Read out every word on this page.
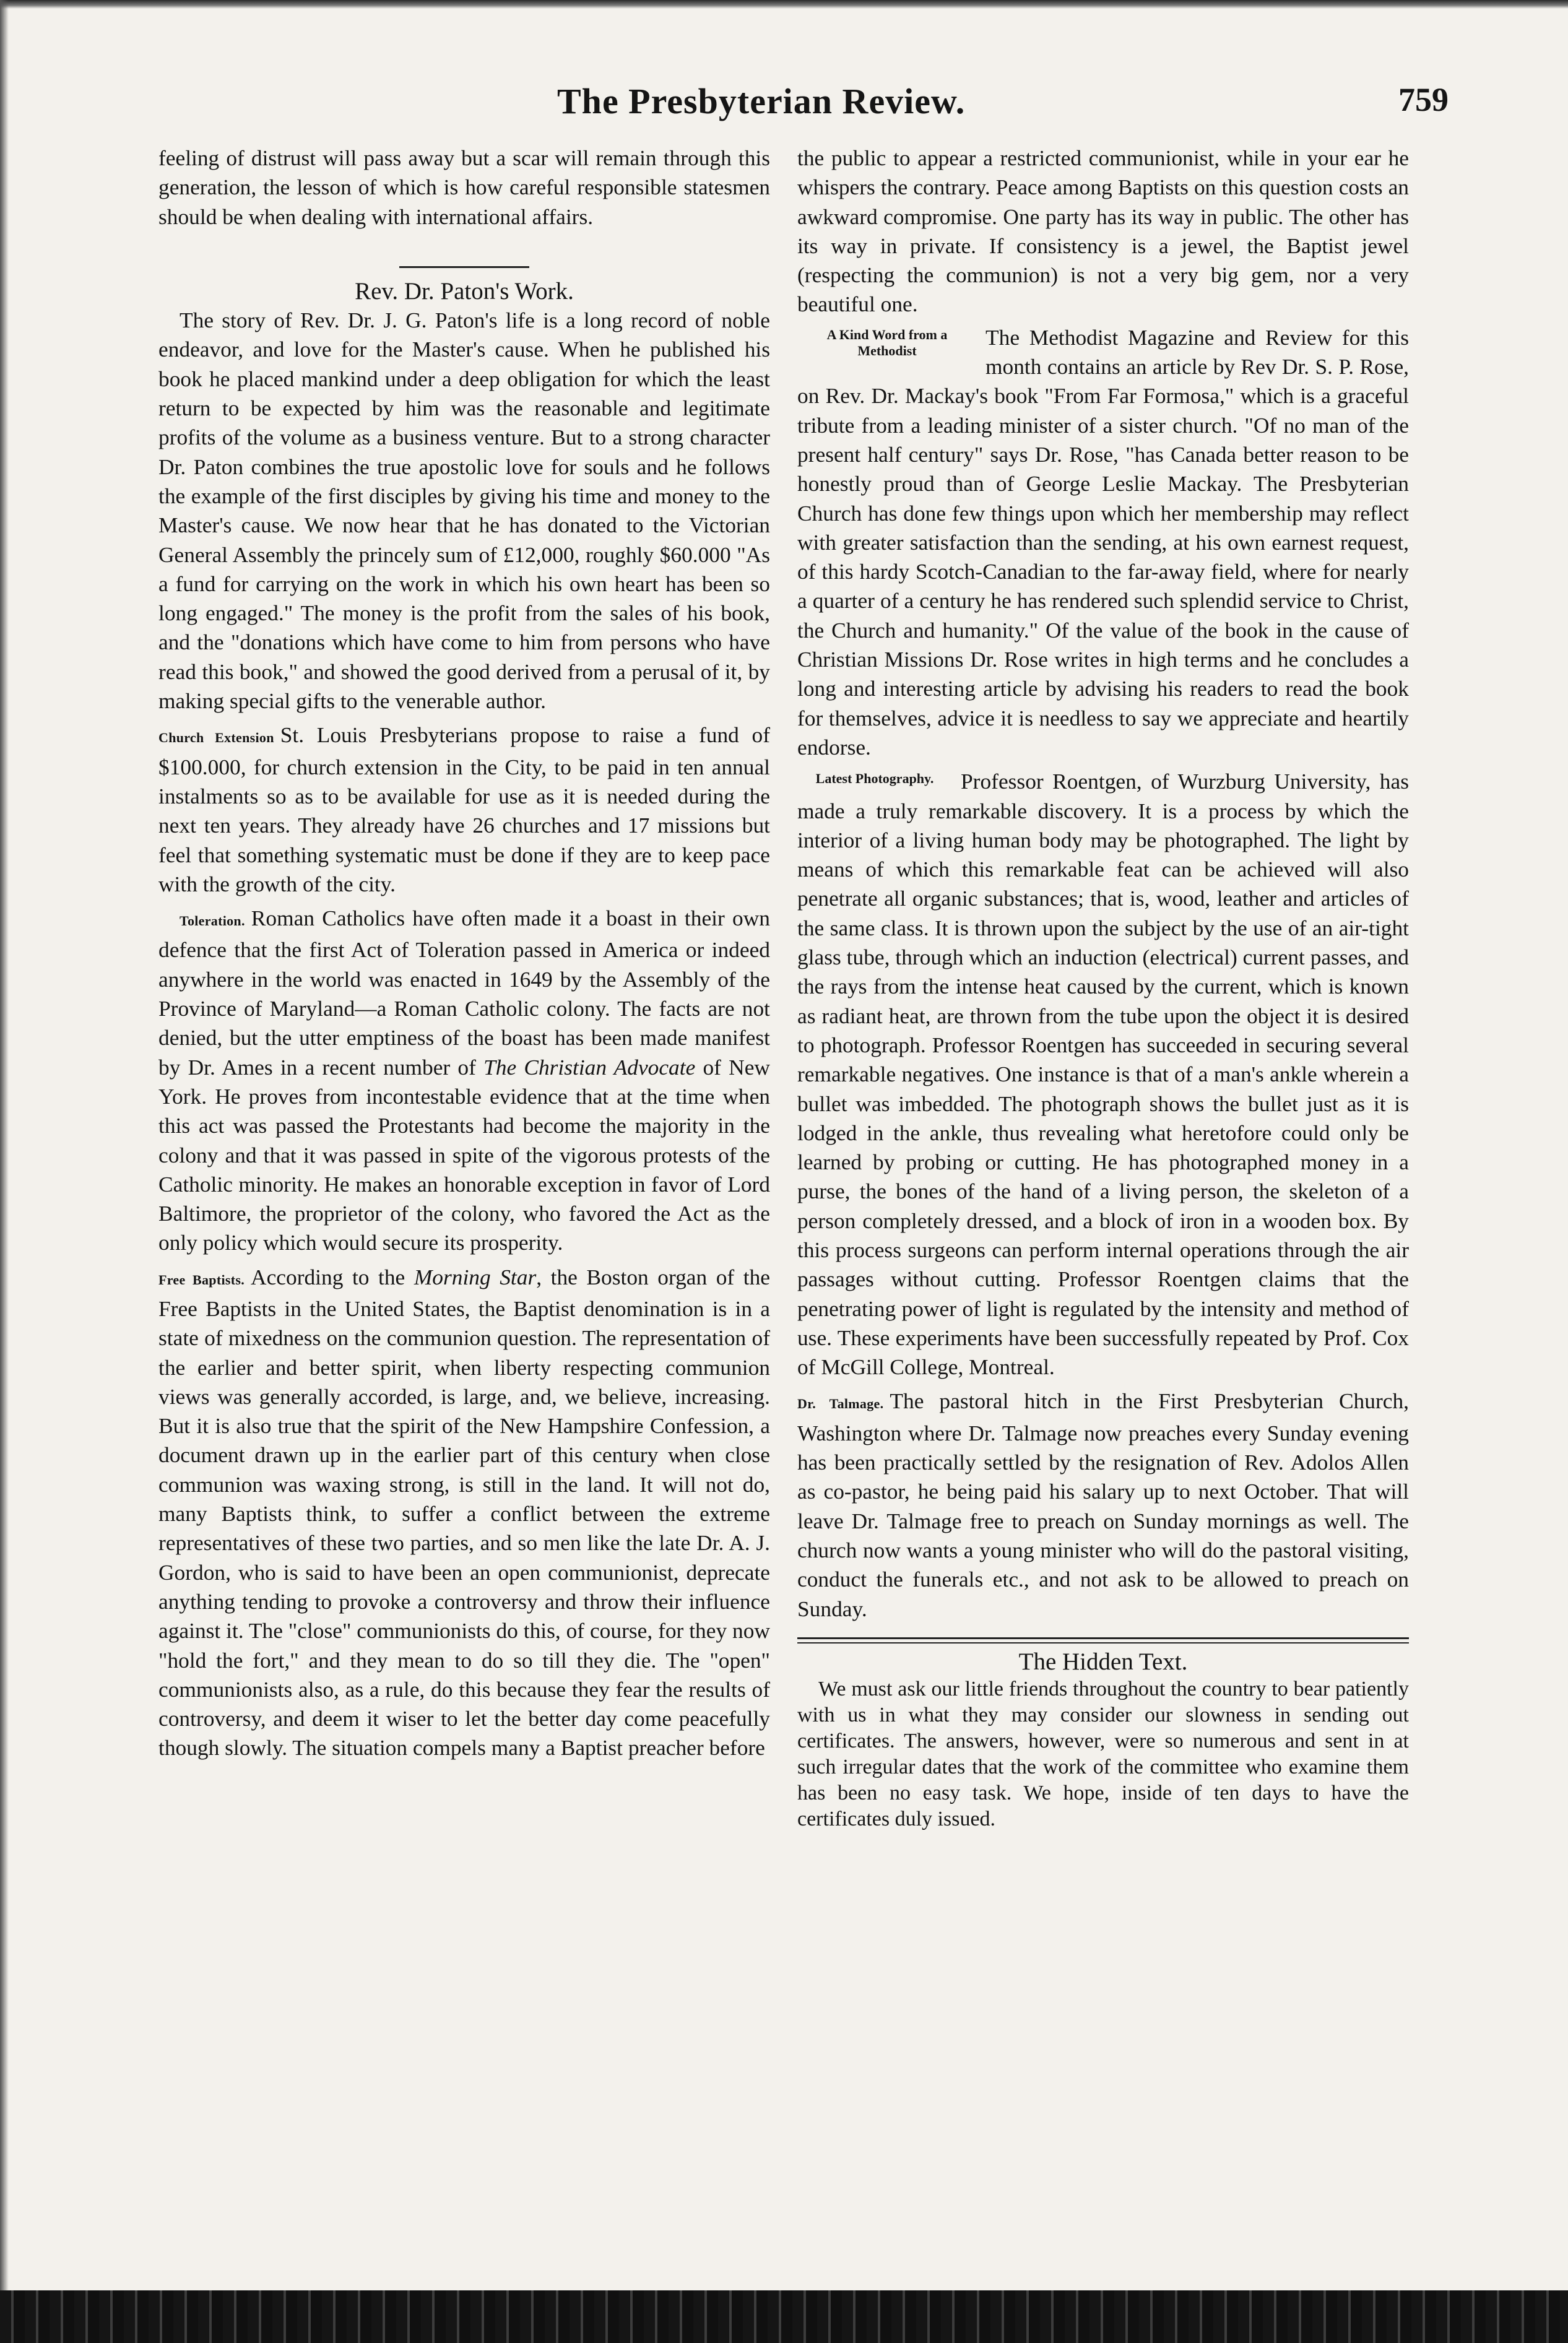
The Presbyterian Review.	759

feeling of distrust will pass away but a scar will remain through this generation, the lesson of which is how careful responsible statesmen should be when dealing with international affairs.

Rev. Dr. Paton's Work.

The story of Rev. Dr. J. G. Paton's life is a long record of noble endeavor, and love for the Master's cause. When he published his book he placed mankind under a deep obligation for which the least return to be expected by him was the reasonable and legitimate profits of the volume as a business venture. But to a strong character Dr. Paton combines the true apostolic love for souls and he follows the example of the first disciples by giving his time and money to the Master's cause. We now hear that he has donated to the Victorian General Assembly the princely sum of £12,000, roughly $60.000 "As a fund for carrying on the work in which his own heart has been so long engaged." The money is the profit from the sales of his book, and the "donations which have come to him from persons who have read this book," and showed the good derived from a perusal of it, by making special gifts to the venerable author.

Church Extension St. Louis Presbyterians propose to raise a fund of $100.000, for church extension in the City, to be paid in ten annual instalments so as to be available for use as it is needed during the next ten years. They already have 26 churches and 17 missions but feel that something systematic must be done if they are to keep pace with the growth of the city.

Toleration. Roman Catholics have often made it a boast in their own defence that the first Act of Toleration passed in America or indeed anywhere in the world was enacted in 1649 by the Assembly of the Province of Maryland—a Roman Catholic colony. The facts are not denied, but the utter emptiness of the boast has been made manifest by Dr. Ames in a recent number of The Christian Advocate of New York. He proves from incontestable evidence that at the time when this act was passed the Protestants had become the majority in the colony and that it was passed in spite of the vigorous protests of the Catholic minority. He makes an honorable exception in favor of Lord Baltimore, the proprietor of the colony, who favored the Act as the only policy which would secure its prosperity.

Free Baptists. According to the Morning Star, the Boston organ of the Free Baptists in the United States, the Baptist denomination is in a state of mixedness on the communion question. The representation of the earlier and better spirit, when liberty respecting communion views was generally accorded, is large, and, we believe, increasing. But it is also true that the spirit of the New Hampshire Confession, a document drawn up in the earlier part of this century when close communion was waxing strong, is still in the land. It will not do, many Baptists think, to suffer a conflict between the extreme representatives of these two parties, and so men like the late Dr. A. J. Gordon, who is said to have been an open communionist, deprecate anything tending to provoke a controversy and throw their influence against it. The "close" communionists do this, of course, for they now "hold the fort," and they mean to do so till they die. The "open" communionists also, as a rule, do this because they fear the results of controversy, and deem it wiser to let the better day come peacefully though slowly. The situation compels many a Baptist preacher before

the public to appear a restricted communionist, while in your ear he whispers the contrary. Peace among Baptists on this question costs an awkward compromise. One party has its way in public. The other has its way in private. If consistency is a jewel, the Baptist jewel (respecting the communion) is not a very big gem, nor a very beautiful one.

A Kind Word from a Methodist
The Methodist Magazine and Review for this month contains an article by Rev Dr. S. P. Rose, on Rev. Dr. Mackay's book "From Far Formosa," which is a graceful tribute from a leading minister of a sister church. "Of no man of the present half century" says Dr. Rose, "has Canada better reason to be honestly proud than of George Leslie Mackay. The Presbyterian Church has done few things upon which her membership may reflect with greater satisfaction than the sending, at his own earnest request, of this hardy Scotch-Canadian to the far-away field, where for nearly a quarter of a century he has rendered such splendid service to Christ, the Church and humanity." Of the value of the book in the cause of Christian Missions Dr. Rose writes in high terms and he concludes a long and interesting article by advising his readers to read the book for themselves, advice it is needless to say we appreciate and heartily endorse.

Latest Photography.	Professor Roentgen, of Wurzburg University, has made a truly remarkable discovery. It is a process by which the interior of a living human body may be photographed. The light by means of which this remarkable feat can be achieved will also penetrate all organic substances; that is, wood, leather and articles of the same class. It is thrown upon the subject by the use of an air-tight glass tube, through which an induction (electrical) current passes, and the rays from the intense heat caused by the current, which is known as radiant heat, are thrown from the tube upon the object it is desired to photograph. Professor Roentgen has succeeded in securing several remarkable negatives. One instance is that of a man's ankle wherein a bullet was imbedded. The photograph shows the bullet just as it is lodged in the ankle, thus revealing what heretofore could only be learned by probing or cutting. He has photographed money in a purse, the bones of the hand of a living person, the skeleton of a person completely dressed, and a block of iron in a wooden box. By this process surgeons can perform internal operations through the air passages without cutting. Professor Roentgen claims that the penetrating power of light is regulated by the intensity and method of use. These experiments have been successfully repeated by Prof. Cox of McGill College, Montreal.

Dr. Talmage. The pastoral hitch in the First Presbyterian Church, Washington where Dr. Talmage now preaches every Sunday evening has been practically settled by the resignation of Rev. Adolos Allen as co-pastor, he being paid his salary up to next October. That will leave Dr. Talmage free to preach on Sunday mornings as well. The church now wants a young minister who will do the pastoral visiting, conduct the funerals etc., and not ask to be allowed to preach on Sunday.

The Hidden Text.

We must ask our little friends throughout the country to bear patiently with us in what they may consider our slowness in sending out certificates. The answers, however, were so numerous and sent in at such irregular dates that the work of the committee who examine them has been no easy task. We hope, inside of ten days to have the certificates duly issued.
